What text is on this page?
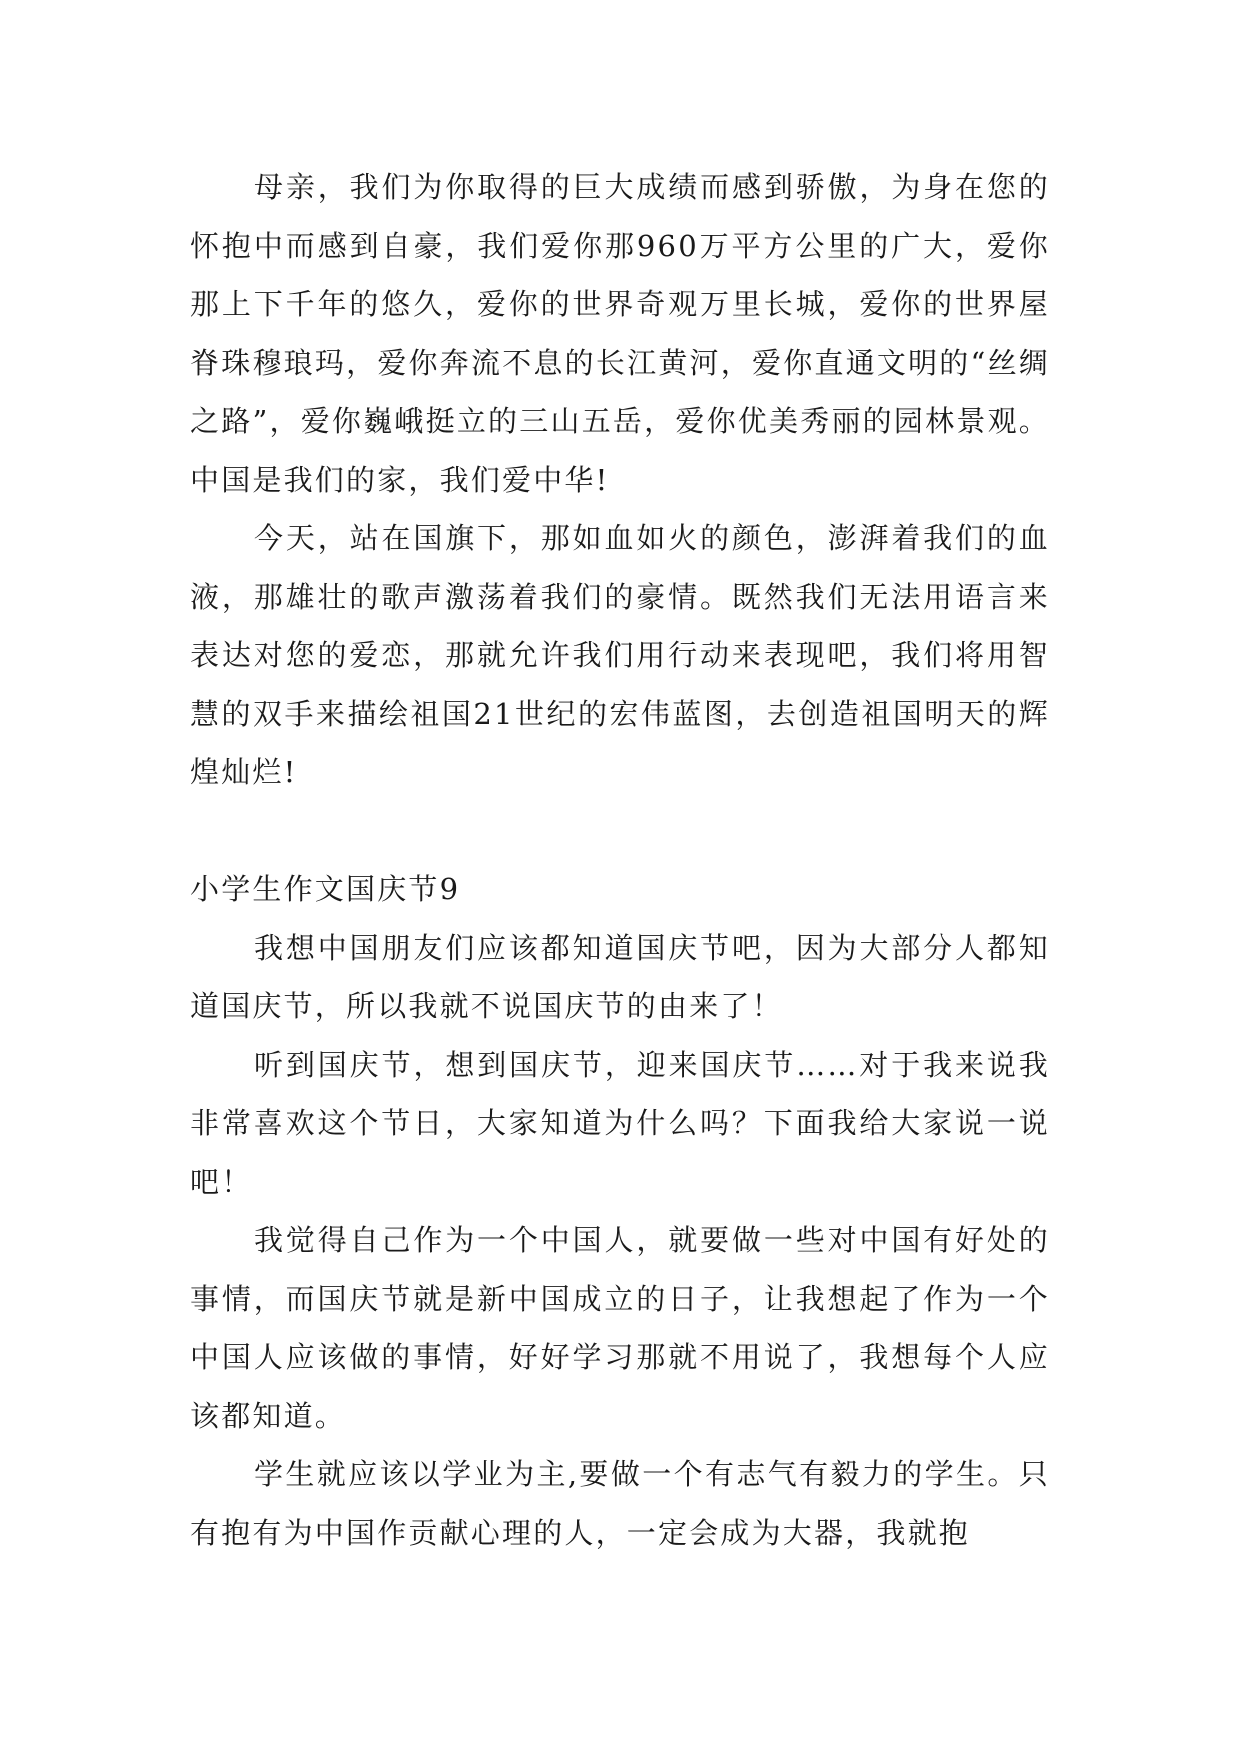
母亲，我们为你取得的巨大成绩而感到骄傲，为身在您的怀抱中而感到自豪，我们爱你那960万平方公里的广大，爱你那上下千年的悠久，爱你的世界奇观万里长城，爱你的世界屋脊珠穆琅玛，爱你奔流不息的长江黄河，爱你直通文明的“丝绸之路”，爱你巍峨挺立的三山五岳，爱你优美秀丽的园林景观。中国是我们的家，我们爱中华!

今天，站在国旗下，那如血如火的颜色，澎湃着我们的血液，那雄壮的歌声激荡着我们的豪情。既然我们无法用语言来表达对您的爱恋，那就允许我们用行动来表现吧，我们将用智慧的双手来描绘祖国21世纪的宏伟蓝图，去创造祖国明天的辉煌灿烂!

小学生作文国庆节9

我想中国朋友们应该都知道国庆节吧，因为大部分人都知道国庆节，所以我就不说国庆节的由来了！

听到国庆节，想到国庆节，迎来国庆节……对于我来说我非常喜欢这个节日，大家知道为什么吗？下面我给大家说一说吧！

我觉得自己作为一个中国人，就要做一些对中国有好处的事情，而国庆节就是新中国成立的日子，让我想起了作为一个中国人应该做的事情，好好学习那就不用说了，我想每个人应该都知道。

学生就应该以学业为主,要做一个有志气有毅力的学生。只有抱有为中国作贡献心理的人，一定会成为大器，我就抱
